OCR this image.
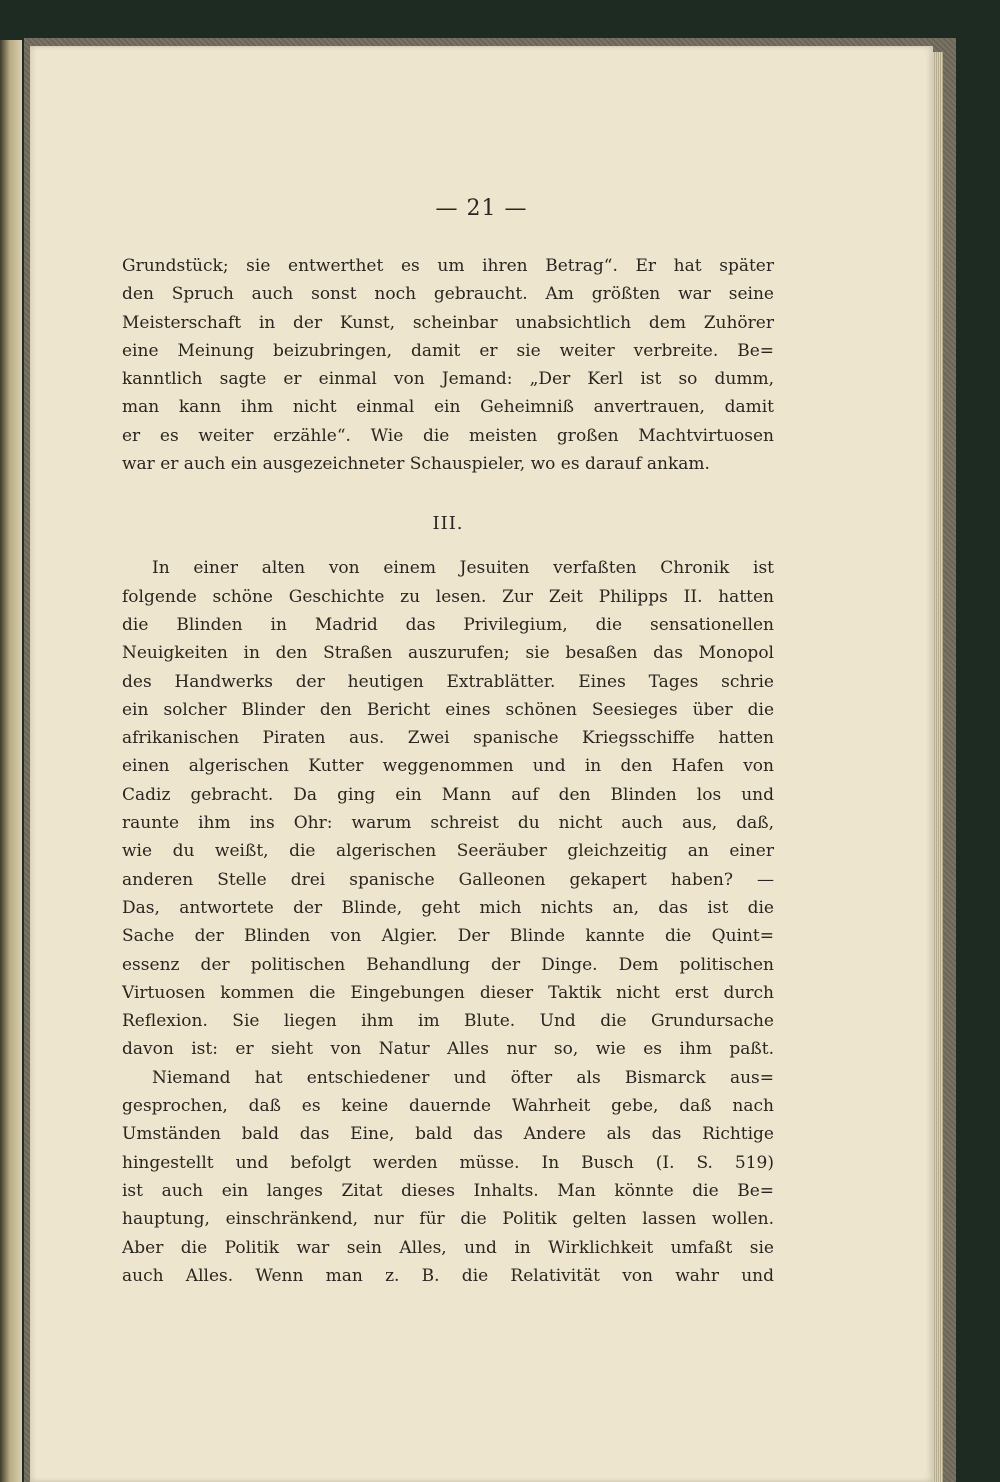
— 21 —
Grundstück; sie entwerthet es um ihren Betrag“. Er hat später
den Spruch auch sonst noch gebraucht. Am größten war seine
Meisterschaft in der Kunst, scheinbar unabsichtlich dem Zuhörer
eine Meinung beizubringen, damit er sie weiter verbreite. Be=
kanntlich sagte er einmal von Jemand: „Der Kerl ist so dumm,
man kann ihm nicht einmal ein Geheimniß anvertrauen, damit
er es weiter erzähle“. Wie die meisten großen Machtvirtuosen
war er auch ein ausgezeichneter Schauspieler, wo es darauf ankam.
III.
In einer alten von einem Jesuiten verfaßten Chronik ist
folgende schöne Geschichte zu lesen. Zur Zeit Philipps II. hatten
die Blinden in Madrid das Privilegium, die sensationellen
Neuigkeiten in den Straßen auszurufen; sie besaßen das Monopol
des Handwerks der heutigen Extrablätter. Eines Tages schrie
ein solcher Blinder den Bericht eines schönen Seesieges über die
afrikanischen Piraten aus. Zwei spanische Kriegsschiffe hatten
einen algerischen Kutter weggenommen und in den Hafen von
Cadiz gebracht. Da ging ein Mann auf den Blinden los und
raunte ihm ins Ohr: warum schreist du nicht auch aus, daß,
wie du weißt, die algerischen Seeräuber gleichzeitig an einer
anderen Stelle drei spanische Galleonen gekapert haben? —
Das, antwortete der Blinde, geht mich nichts an, das ist die
Sache der Blinden von Algier. Der Blinde kannte die Quint=
essenz der politischen Behandlung der Dinge. Dem politischen
Virtuosen kommen die Eingebungen dieser Taktik nicht erst durch
Reflexion. Sie liegen ihm im Blute. Und die Grundursache
davon ist: er sieht von Natur Alles nur so, wie es ihm paßt.
Niemand hat entschiedener und öfter als Bismarck aus=
gesprochen, daß es keine dauernde Wahrheit gebe, daß nach
Umständen bald das Eine, bald das Andere als das Richtige
hingestellt und befolgt werden müsse. In Busch (I. S. 519)
ist auch ein langes Zitat dieses Inhalts. Man könnte die Be=
hauptung, einschränkend, nur für die Politik gelten lassen wollen.
Aber die Politik war sein Alles, und in Wirklichkeit umfaßt sie
auch Alles. Wenn man z. B. die Relativität von wahr und
